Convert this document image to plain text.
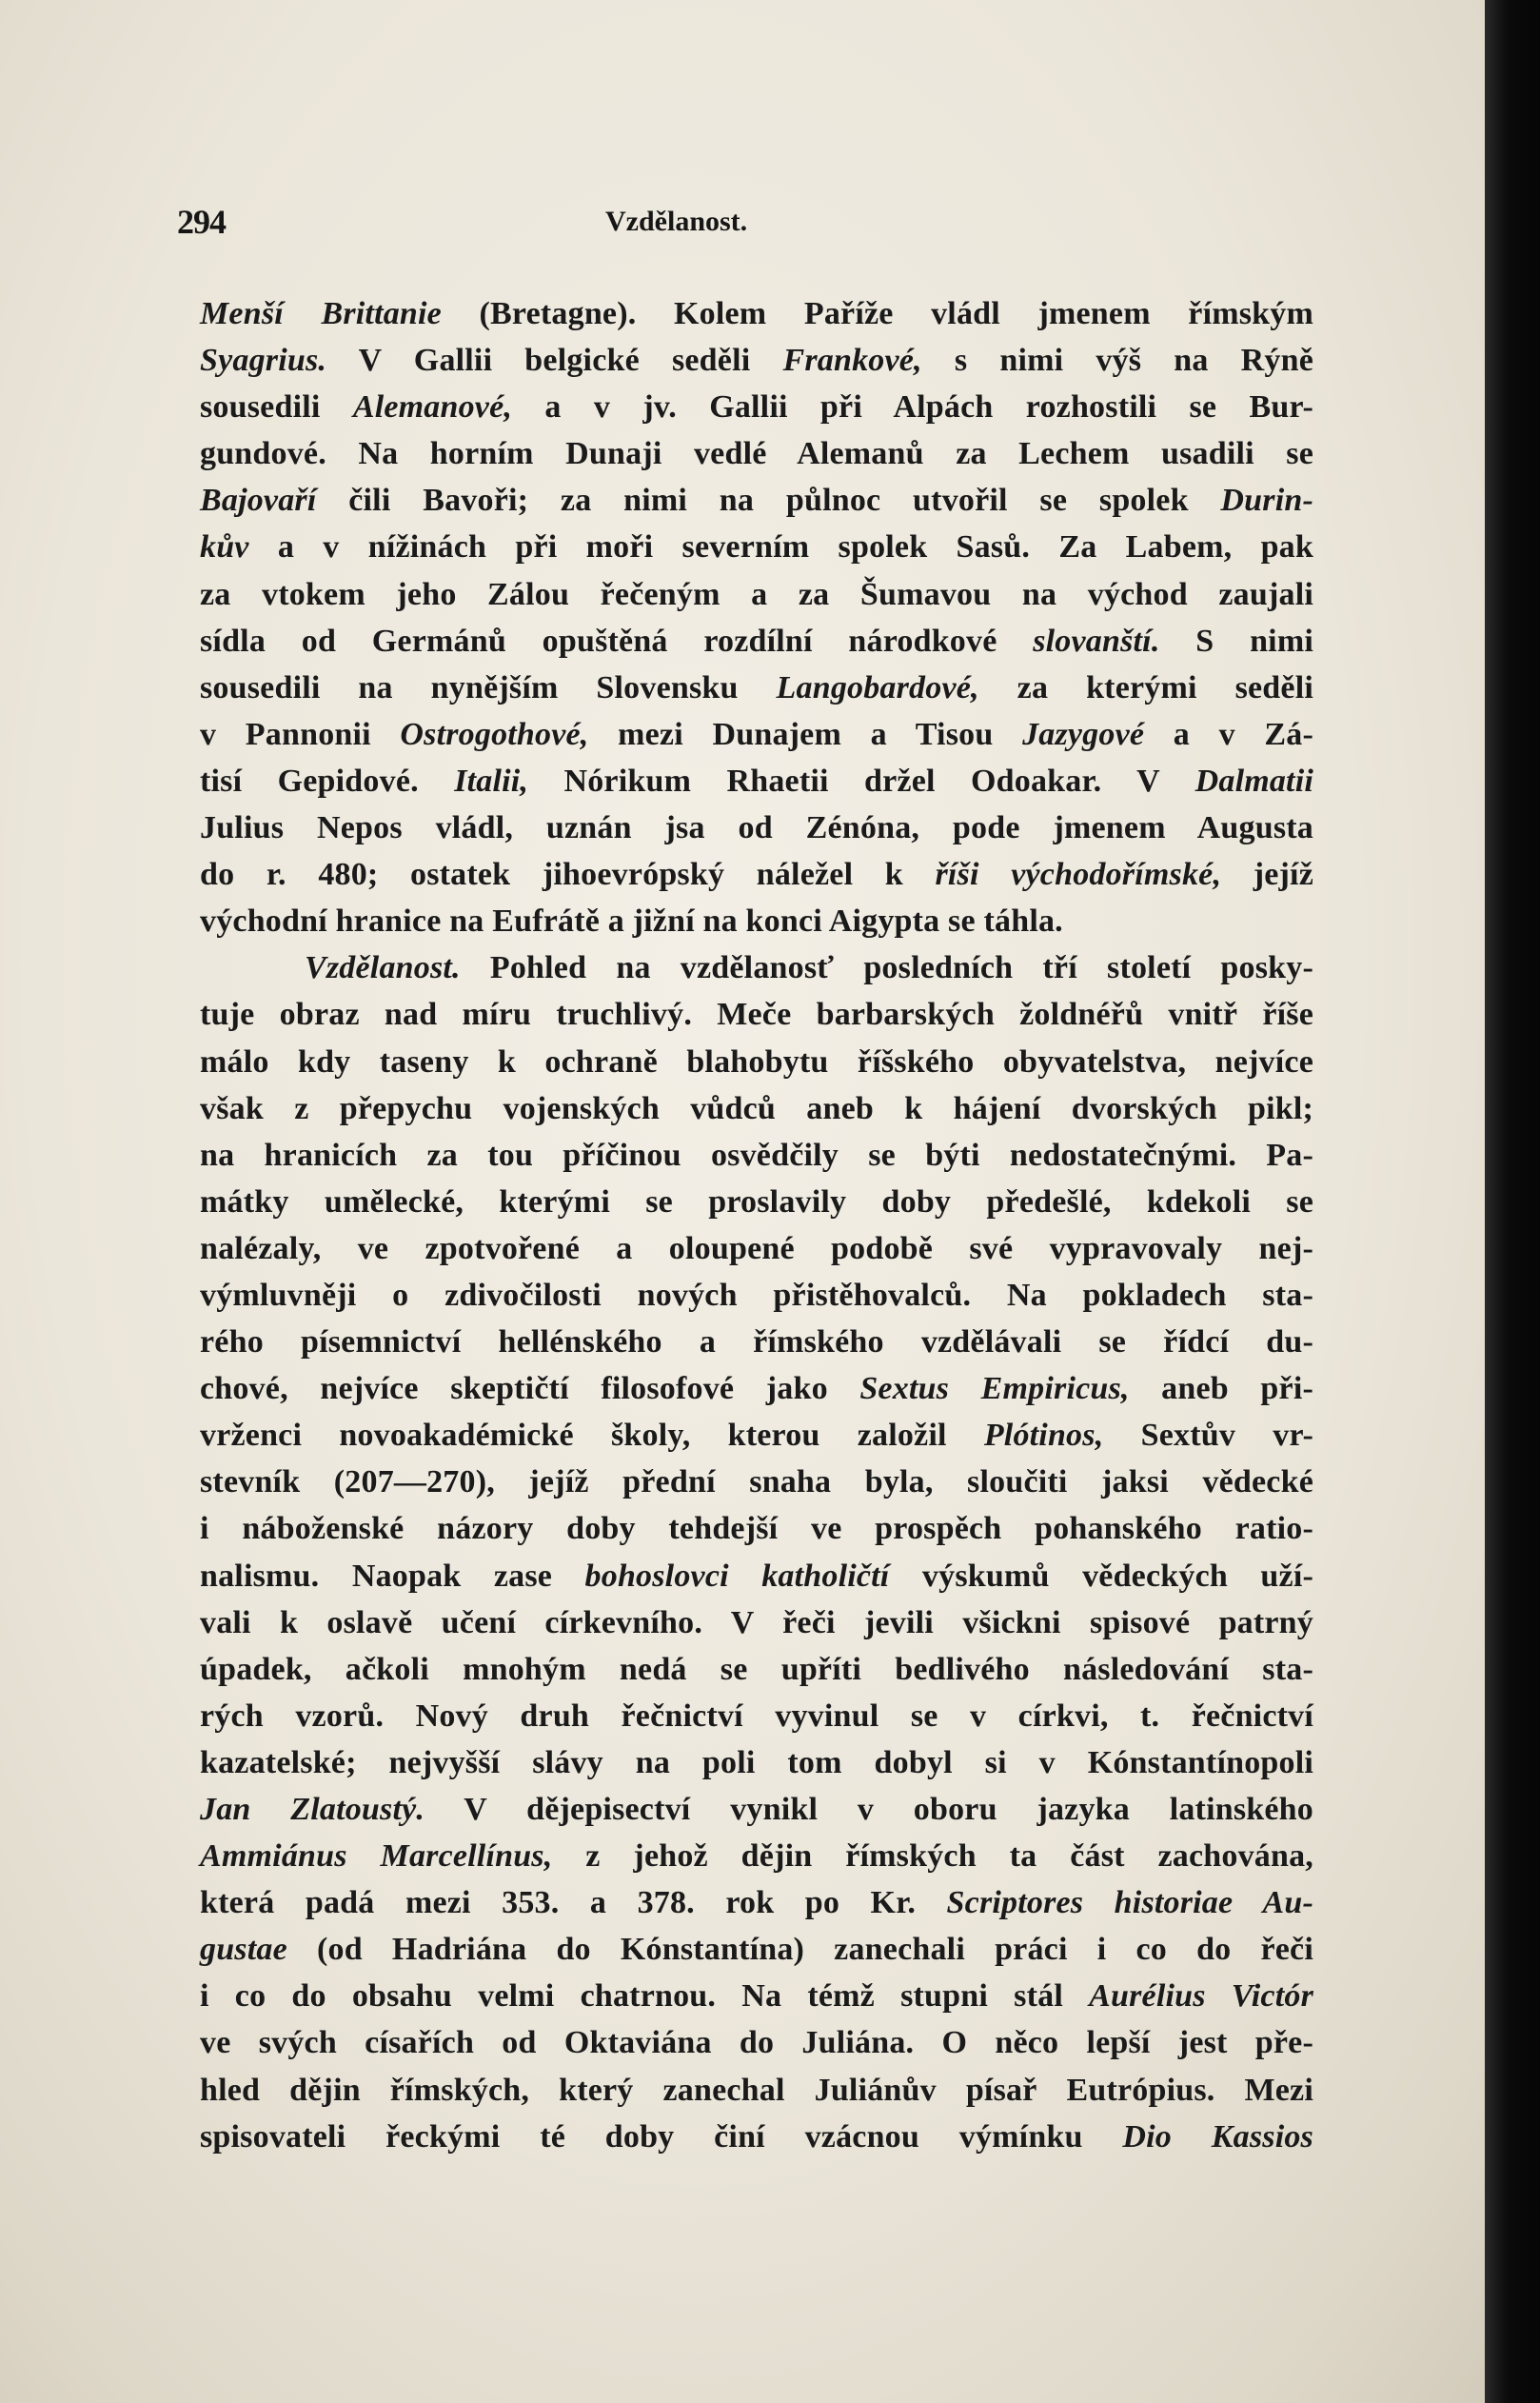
294	Vzdělanost.
Menší Brittanie (Bretagne). Kolem Paříže vládl jmenem římským
Syagrius. V Gallii belgické seděli Frankové, s nimi výš na Rýně
sousedili Alemanové, a v jv. Gallii při Alpách rozhostili se Bur-
gundové. Na horním Dunaji vedlé Alemanů za Lechem usadili se
Bajovaří čili Bavoři; za nimi na půlnoc utvořil se spolek Durin-
kův a v nížinách při moři severním spolek Sasů. Za Labem, pak
za vtokem jeho Zálou řečeným a za Šumavou na východ zaujali
sídla od Germánů opuštěná rozdílní národkové slovanští. S nimi
sousedili na nynějším Slovensku Langobardové, za kterými seděli
v Pannonii Ostrogothové, mezi Dunajem a Tisou Jazygové a v Zá-
tisí Gepidové. Italii, Nórikum Rhaetii držel Odoakar. V Dalmatii
Julius Nepos vládl, uznán jsa od Zénóna, pode jmenem Augusta
do r. 480; ostatek jihoevrópský náležel k říši východořímské, jejíž
východní hranice na Eufrátě a jižní na konci Aigypta se táhla.
Vzdělanost. Pohled na vzdělanosť posledních tří století posky-
tuje obraz nad míru truchlivý. Meče barbarských žoldnéřů vnitř říše
málo kdy taseny k ochraně blahobytu říšského obyvatelstva, nejvíce
však z přepychu vojenských vůdců aneb k hájení dvorských pikl;
na hranicích za tou příčinou osvědčily se býti nedostatečnými. Pa-
mátky umělecké, kterými se proslavily doby předešlé, kdekoli se
nalézaly, ve zpotvořené a oloupené podobě své vypravovaly nej-
výmluvněji o zdivočilosti nových přistěhovalců. Na pokladech sta-
rého písemnictví hellénského a římského vzdělávali se řídcí du-
chové, nejvíce skeptičtí filosofové jako Sextus Empiricus, aneb při-
vrženci novoakadémické školy, kterou založil Plótinos, Sextův vr-
stevník (207—270), jejíž přední snaha byla, sloučiti jaksi vědecké
i náboženské názory doby tehdejší ve prospěch pohanského ratio-
nalismu. Naopak zase bohoslovci katholičtí výskumů vědeckých uží-
vali k oslavě učení církevního. V řeči jevili všickni spisové patrný
úpadek, ačkoli mnohým nedá se upříti bedlivého následování sta-
rých vzorů. Nový druh řečnictví vyvinul se v církvi, t. řečnictví
kazatelské; nejvyšší slávy na poli tom dobyl si v Kónstantínopoli
Jan Zlatoustý. V dějepisectví vynikl v oboru jazyka latinského
Ammiánus Marcellínus, z jehož dějin římských ta část zachována,
která padá mezi 353. a 378. rok po Kr. Scriptores historiae Au-
gustae (od Hadriána do Kónstantína) zanechali práci i co do řeči
i co do obsahu velmi chatrnou. Na témž stupni stál Aurélius Victór
ve svých císařích od Oktaviána do Juliána. O něco lepší jest pře-
hled dějin římských, který zanechal Juliánův písař Eutrópius. Mezi
spisovateli řeckými té doby činí vzácnou výmínku Dio Kassios
